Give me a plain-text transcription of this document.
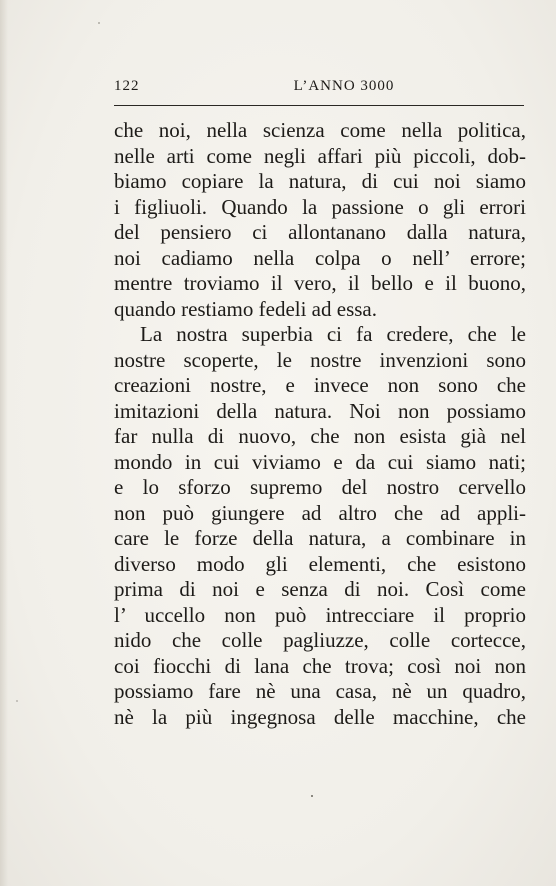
122	L’ANNO 3000
che noi, nella scienza come nella politica,
nelle arti come negli affari più piccoli, dob-
biamo copiare la natura, di cui noi siamo
i figliuoli. Quando la passione o gli errori
del pensiero ci allontanano dalla natura,
noi cadiamo nella colpa o nell’ errore;
mentre troviamo il vero, il bello e il buono,
quando restiamo fedeli ad essa.
La nostra superbia ci fa credere, che le
nostre scoperte, le nostre invenzioni sono
creazioni nostre, e invece non sono che
imitazioni della natura. Noi non possiamo
far nulla di nuovo, che non esista già nel
mondo in cui viviamo e da cui siamo nati;
e lo sforzo supremo del nostro cervello
non può giungere ad altro che ad appli-
care le forze della natura, a combinare in
diverso modo gli elementi, che esistono
prima di noi e senza di noi. Così come
l’ uccello non può intrecciare il proprio
nido che colle pagliuzze, colle cortecce,
coi fiocchi di lana che trova; così noi non
possiamo fare nè una casa, nè un quadro,
nè la più ingegnosa delle macchine, che
